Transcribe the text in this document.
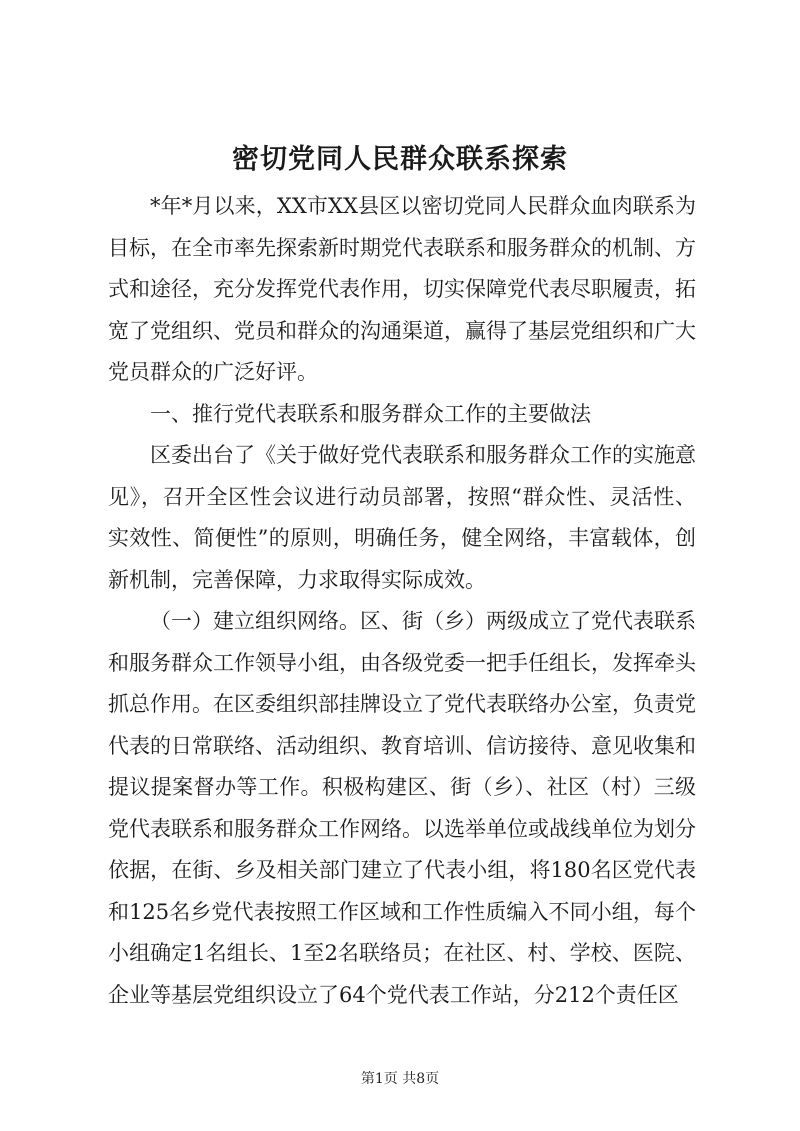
密切党同人民群众联系探索

*年*月以来，XX市XX县区以密切党同人民群众血肉联系为目标，在全市率先探索新时期党代表联系和服务群众的机制、方式和途径，充分发挥党代表作用，切实保障党代表尽职履责，拓宽了党组织、党员和群众的沟通渠道，赢得了基层党组织和广大党员群众的广泛好评。

一、推行党代表联系和服务群众工作的主要做法

区委出台了《关于做好党代表联系和服务群众工作的实施意见》，召开全区性会议进行动员部署，按照“群众性、灵活性、实效性、简便性”的原则，明确任务，健全网络，丰富载体，创新机制，完善保障，力求取得实际成效。

（一）建立组织网络。区、街（乡）两级成立了党代表联系和服务群众工作领导小组，由各级党委一把手任组长，发挥牵头抓总作用。在区委组织部挂牌设立了党代表联络办公室，负责党代表的日常联络、活动组织、教育培训、信访接待、意见收集和提议提案督办等工作。积极构建区、街（乡）、社区（村）三级党代表联系和服务群众工作网络。以选举单位或战线单位为划分依据，在街、乡及相关部门建立了代表小组，将180名区党代表和125名乡党代表按照工作区域和工作性质编入不同小组，每个小组确定1名组长、1至2名联络员；在社区、村、学校、医院、企业等基层党组织设立了64个党代表工作站，分212个责任区

第1页 共8页
